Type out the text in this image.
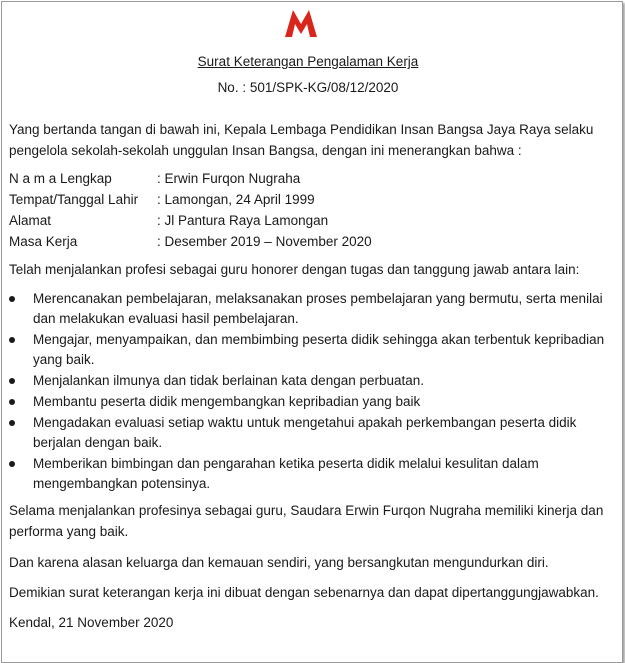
Surat Keterangan Pengalaman Kerja
No. : 501/SPK-KG/08/12/2020

Yang bertanda tangan di bawah ini, Kepala Lembaga Pendidikan Insan Bangsa Jaya Raya selaku pengelola sekolah-sekolah unggulan Insan Bangsa, dengan ini menerangkan bahwa :

N a m a Lengkap	: Erwin Furqon Nugraha
Tempat/Tanggal Lahir : Lamongan, 24 April 1999
Alamat	: Jl Pantura Raya Lamongan
Masa Kerja	: Desember 2019 – November 2020

Telah menjalankan profesi sebagai guru honorer dengan tugas dan tanggung jawab antara lain:

Merencanakan pembelajaran, melaksanakan proses pembelajaran yang bermutu, serta menilai dan melakukan evaluasi hasil pembelajaran.
Mengajar, menyampaikan, dan membimbing peserta didik sehingga akan terbentuk kepribadian yang baik.
Menjalankan ilmunya dan tidak berlainan kata dengan perbuatan.
Membantu peserta didik mengembangkan kepribadian yang baik
Mengadakan evaluasi setiap waktu untuk mengetahui apakah perkembangan peserta didik berjalan dengan baik.
Memberikan bimbingan dan pengarahan ketika peserta didik melalui kesulitan dalam mengembangkan potensinya.

Selama menjalankan profesinya sebagai guru, Saudara Erwin Furqon Nugraha memiliki kinerja dan performa yang baik.

Dan karena alasan keluarga dan kemauan sendiri, yang bersangkutan mengundurkan diri.

Demikian surat keterangan kerja ini dibuat dengan sebenarnya dan dapat dipertanggungjawabkan.

Kendal, 21 November 2020
